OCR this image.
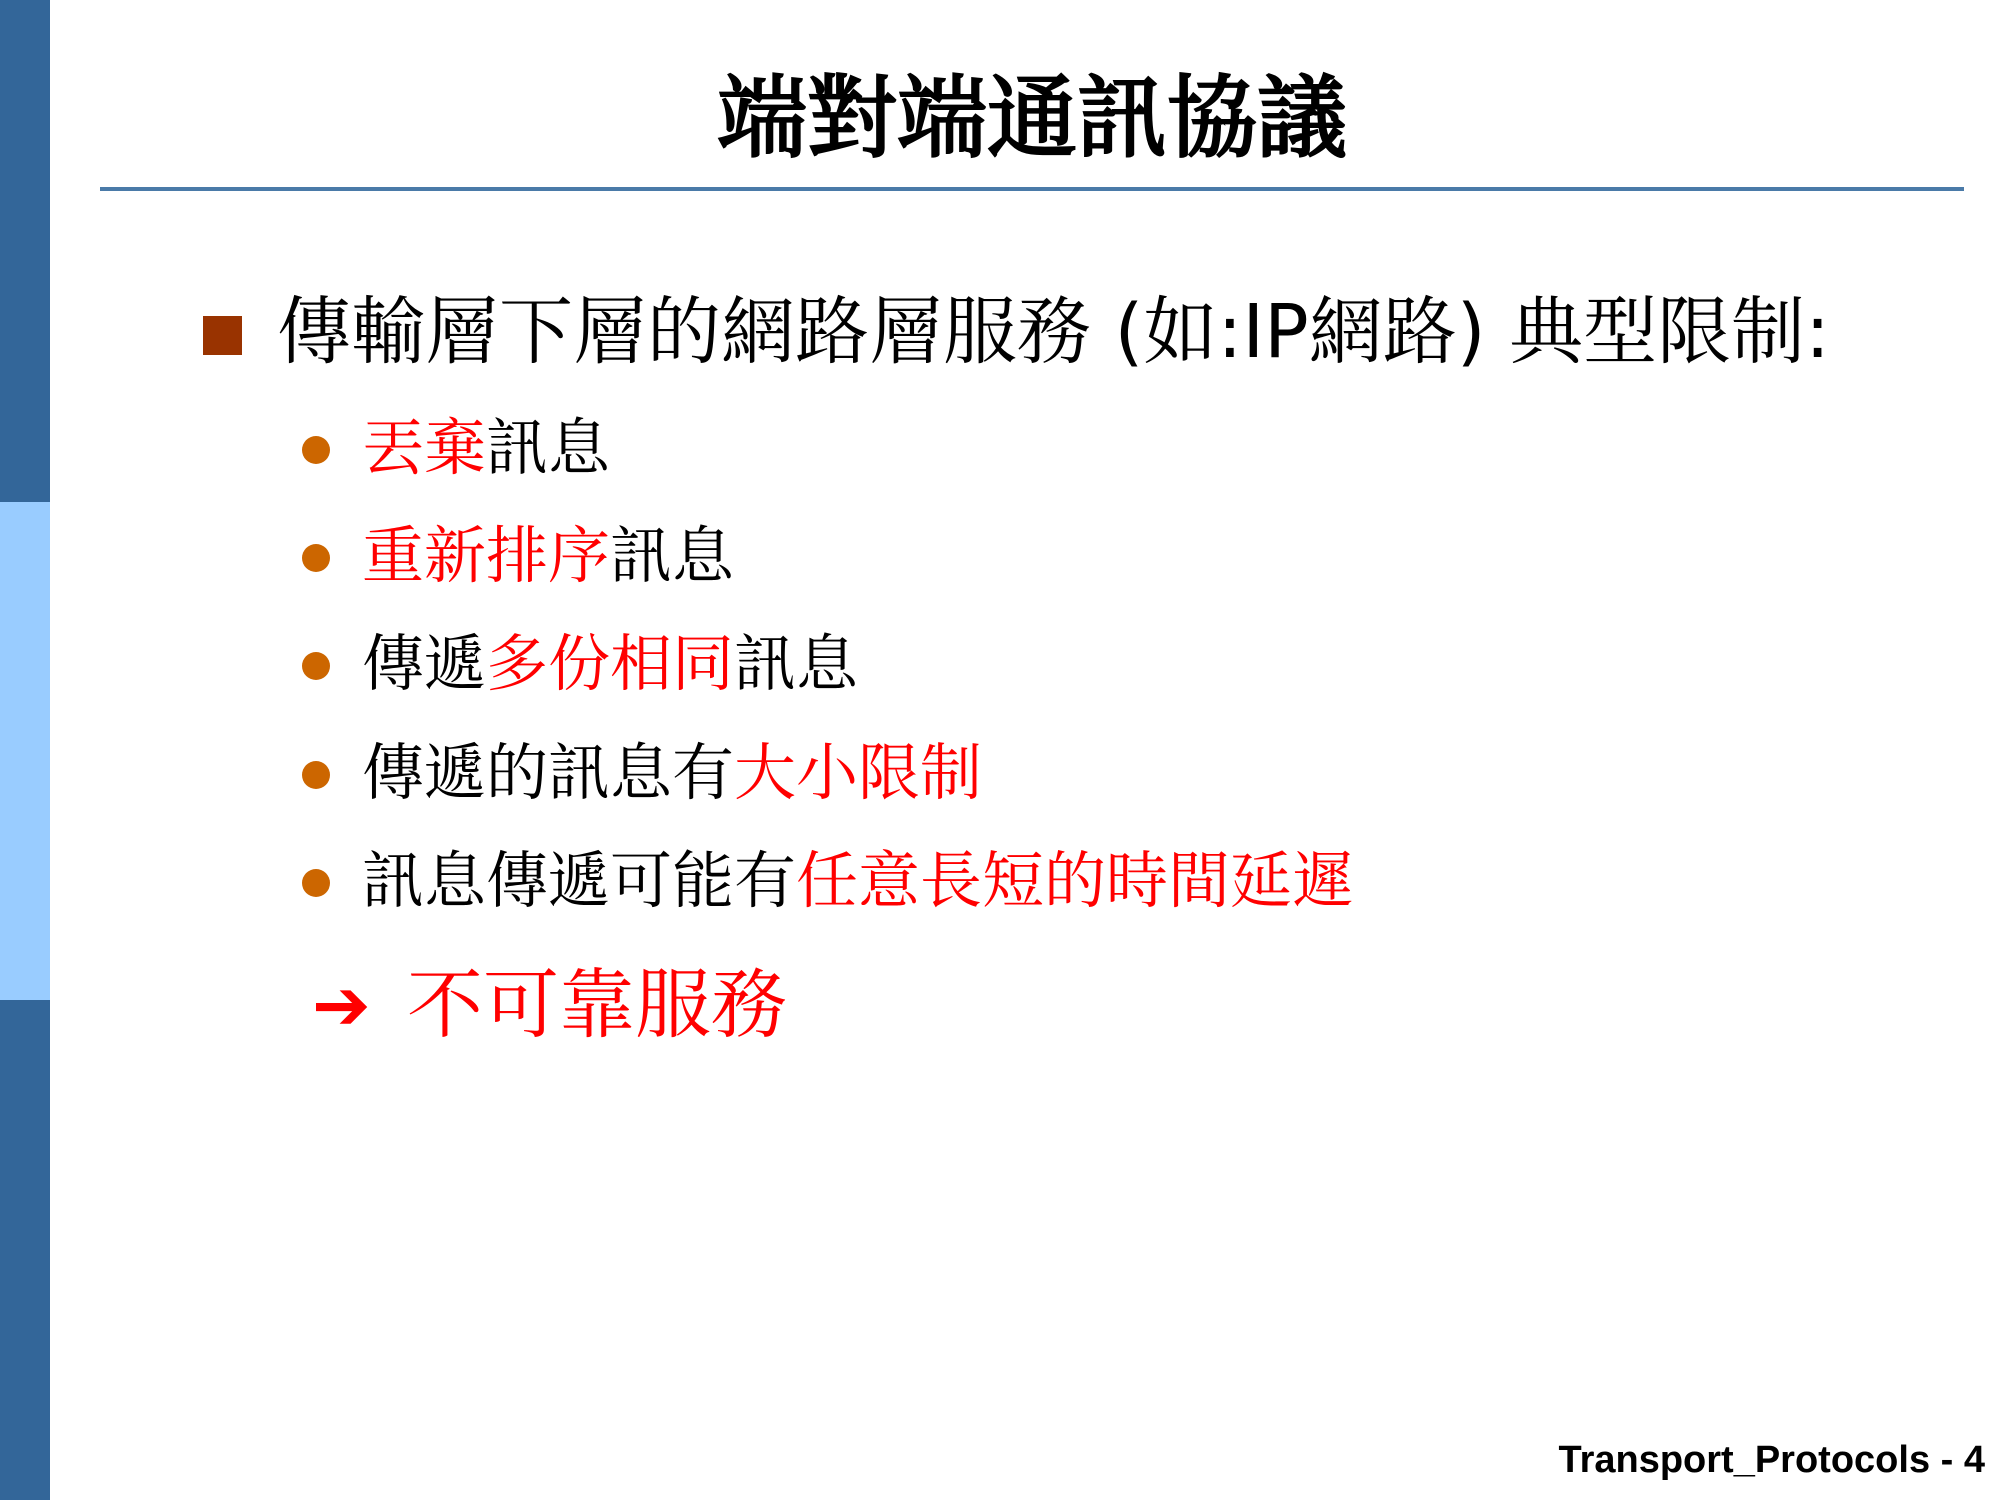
端對端通訊協議
傳輸層下層的網路層服務 (如:IP網路) 典型限制:
丟棄訊息
重新排序訊息
傳遞多份相同訊息
傳遞的訊息有大小限制
訊息傳遞可能有任意長短的時間延遲
➔ 不可靠服務
Transport_Protocols - 4
